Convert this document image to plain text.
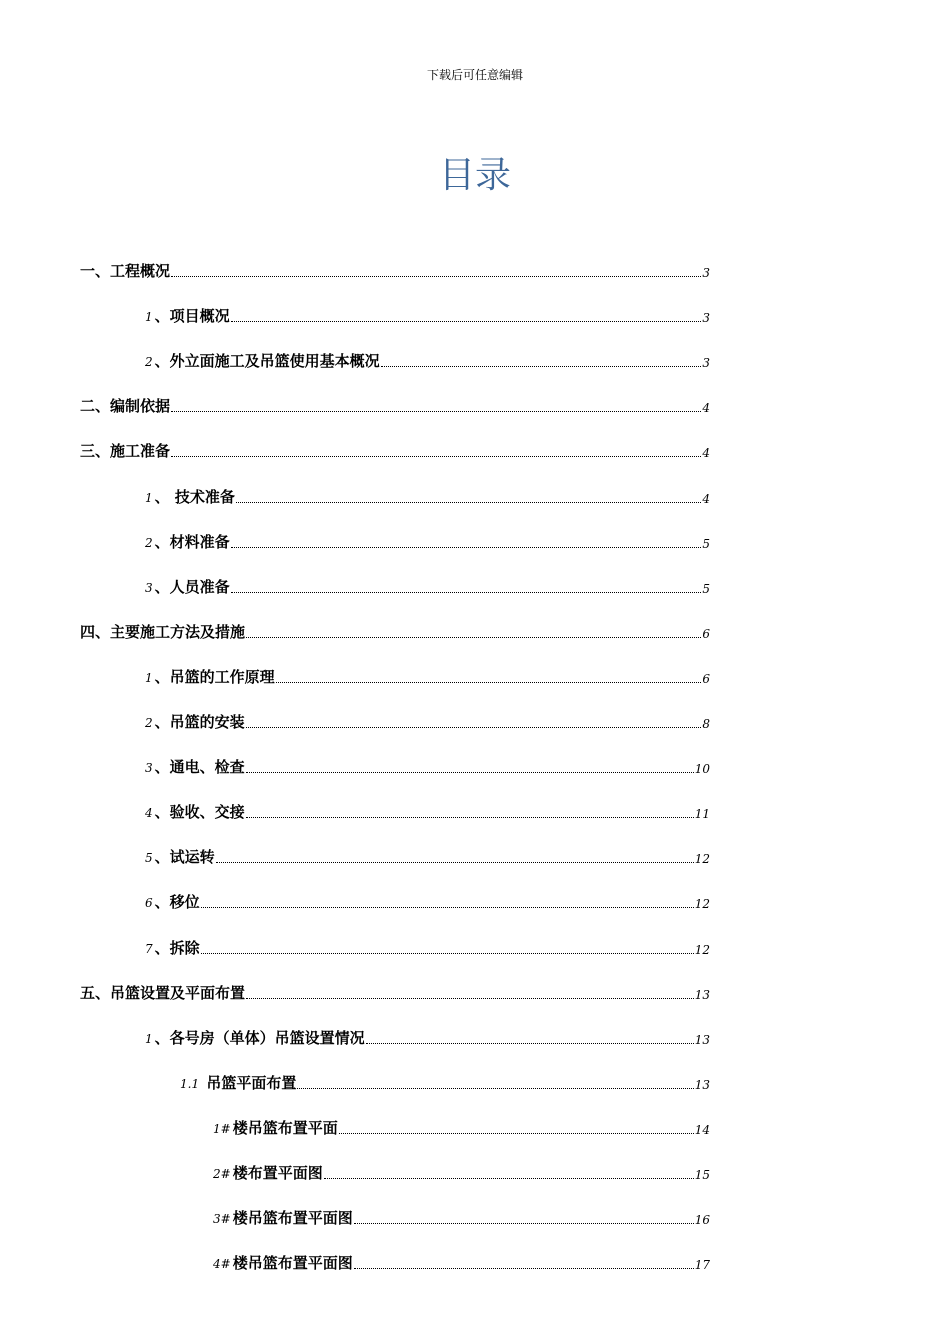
下载后可任意编辑
目录
一、工程概况	3
1 、项目概况	3
2 、外立面施工及吊篮使用基本概况	3
二、编制依据	4
三、施工准备	4
1 、 技术准备	4
2 、材料准备	5
3 、人员准备	5
四、主要施工方法及措施	6
1 、吊篮的工作原理	6
2 、吊篮的安装	8
3 、通电、检查	10
4 、验收、交接	11
5 、试运转	12
6 、移位	12
7 、拆除	12
五、吊篮设置及平面布置	13
1 、各号房（单体）吊篮设置情况	13
1.1 吊篮平面布置	13
1# 楼吊篮布置平面	14
2# 楼布置平面图	15
3# 楼吊篮布置平面图	16
4# 楼吊篮布置平面图	17
